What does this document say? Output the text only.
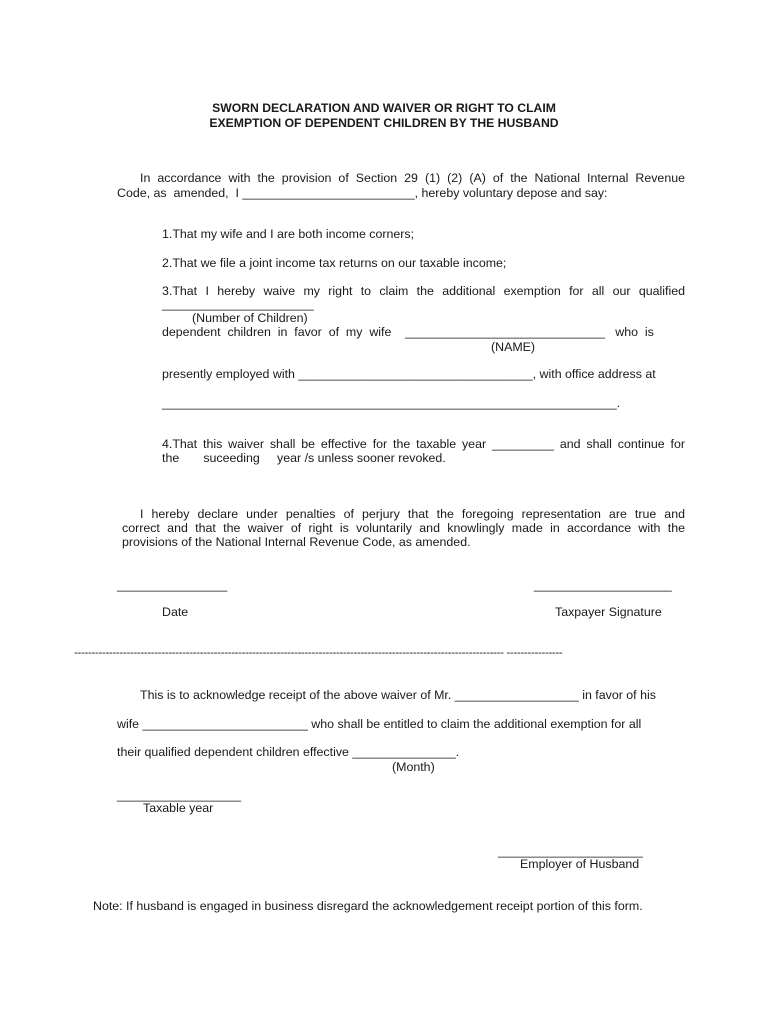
SWORN DECLARATION AND WAIVER OR RIGHT TO CLAIM
EXEMPTION OF DEPENDENT CHILDREN BY THE HUSBAND
In accordance with the provision of Section 29 (1) (2) (A) of the National Internal Revenue
Code, as  amended,  I _________________________, hereby voluntary depose and say:
1.That my wife and I are both income corners;
2.That we file a joint income tax returns on our taxable income;
3.That I hereby waive my right to claim the additional exemption for all our qualified
______________________
(Number of Children)
dependent  children  in  favor  of  my  wife    _____________________________   who  is
(NAME)
presently employed with __________________________________, with office address at
__________________________________________________________________.
4.That this waiver shall be effective for the taxable year _________ and shall continue for
the       suceeding     year /s unless sooner revoked.
I hereby declare under penalties of perjury that the foregoing representation are true and
correct and that the waiver of right is voluntarily and knowlingly made in accordance with the
provisions of the National Internal Revenue Code, as amended.
________________
Date
____________________
Taxpayer Signature
--------------------------------------------------------------------------------------------------------------------------- ----------------
This is to acknowledge receipt of the above waiver of Mr. __________________ in favor of his
wife ________________________ who shall be entitled to claim the additional exemption for all
their qualified dependent children effective _______________.
(Month)
__________________
Taxable year
_____________________
Employer of Husband
Note: If husband is engaged in business disregard the acknowledgement receipt portion of this form.
